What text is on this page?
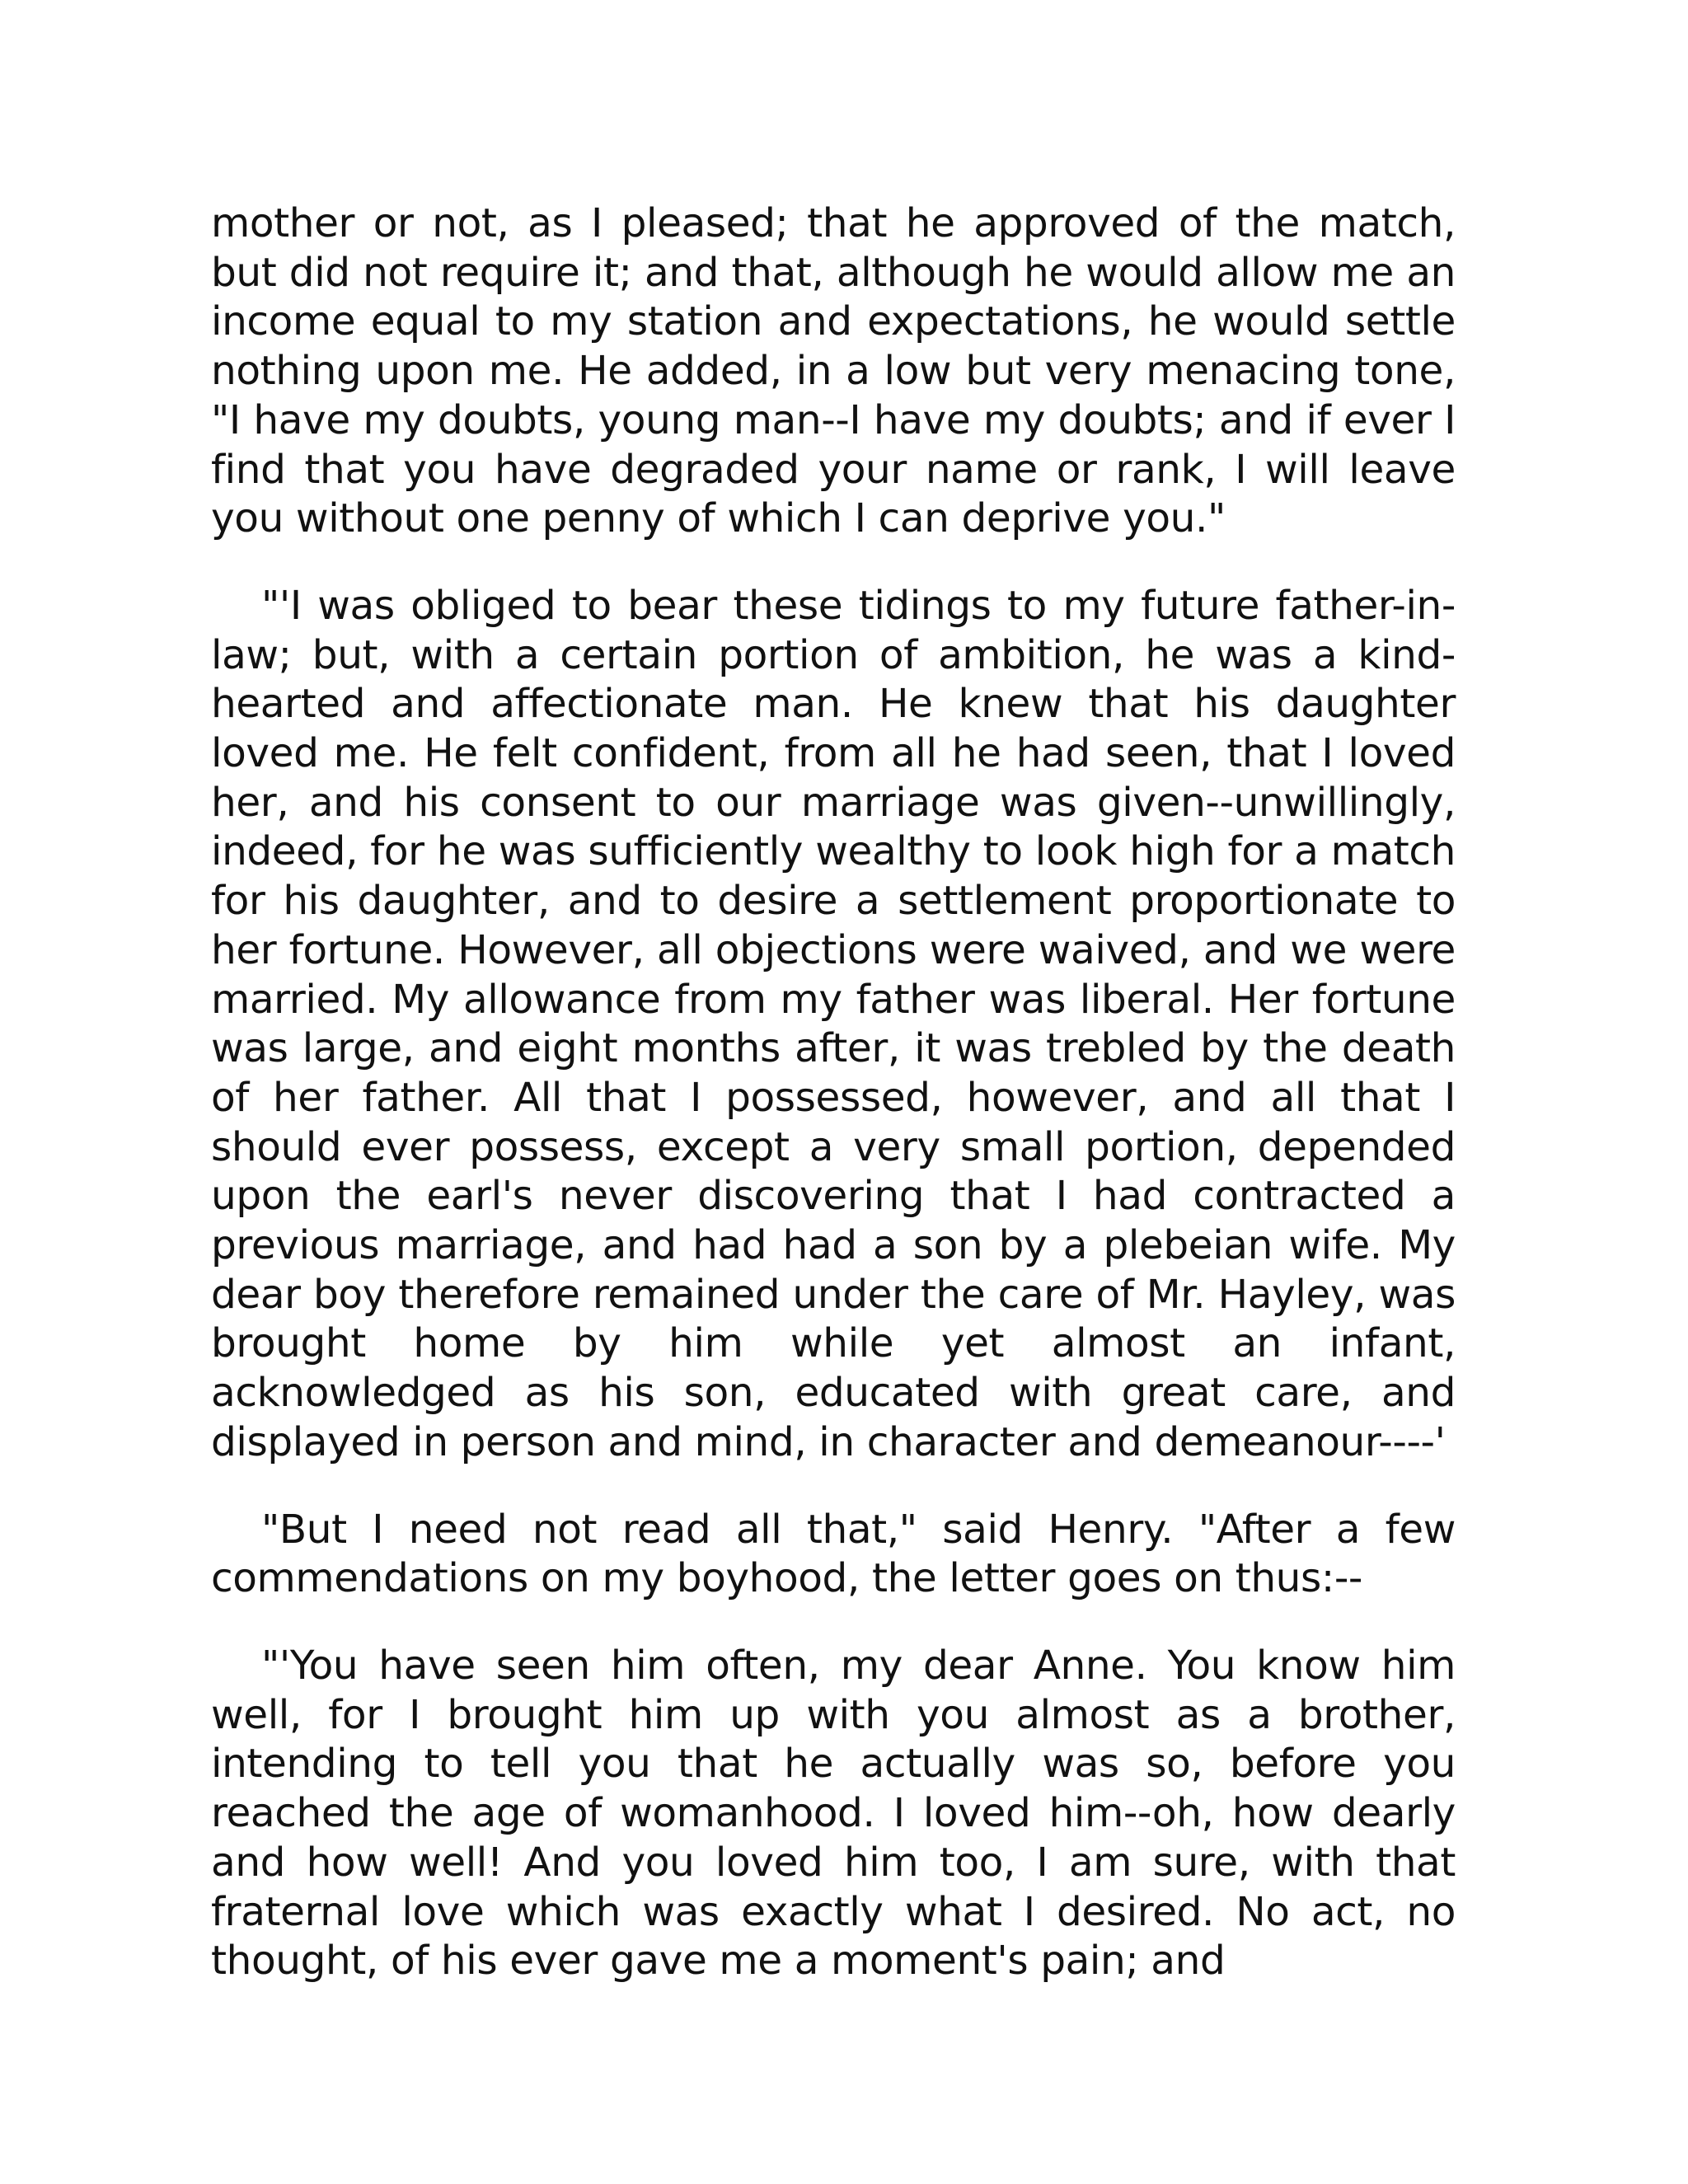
mother or not, as I pleased; that he approved of the match, but did not require it; and that, although he would allow me an income equal to my station and expectations, he would settle nothing upon me. He added, in a low but very menacing tone, "I have my doubts, young man--I have my doubts; and if ever I find that you have degraded your name or rank, I will leave you without one penny of which I can deprive you."

"'I was obliged to bear these tidings to my future father-in-law; but, with a certain portion of ambition, he was a kind-hearted and affectionate man. He knew that his daughter loved me. He felt confident, from all he had seen, that I loved her, and his consent to our marriage was given--unwillingly, indeed, for he was sufficiently wealthy to look high for a match for his daughter, and to desire a settlement proportionate to her fortune. However, all objections were waived, and we were married. My allowance from my father was liberal. Her fortune was large, and eight months after, it was trebled by the death of her father. All that I possessed, however, and all that I should ever possess, except a very small portion, depended upon the earl's never discovering that I had contracted a previous marriage, and had had a son by a plebeian wife. My dear boy therefore remained under the care of Mr. Hayley, was brought home by him while yet almost an infant, acknowledged as his son, educated with great care, and displayed in person and mind, in character and demeanour----'

"But I need not read all that," said Henry. "After a few commendations on my boyhood, the letter goes on thus:--

"'You have seen him often, my dear Anne. You know him well, for I brought him up with you almost as a brother, intending to tell you that he actually was so, before you reached the age of womanhood. I loved him--oh, how dearly and how well! And you loved him too, I am sure, with that fraternal love which was exactly what I desired. No act, no thought, of his ever gave me a moment's pain; and
